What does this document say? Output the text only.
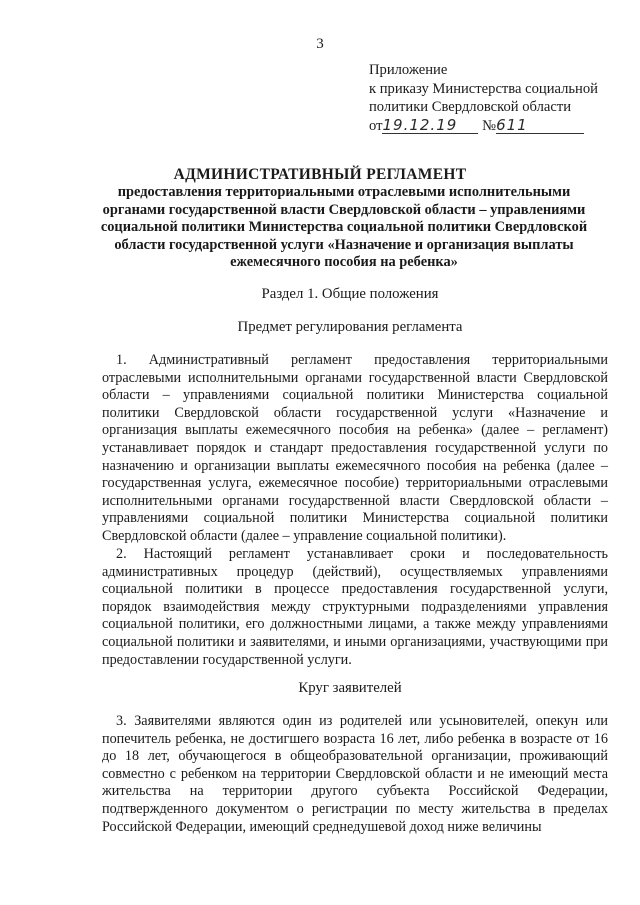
3
Приложение
к приказу Министерства социальной
политики Свердловской области
от19.12.19 №611
АДМИНИСТРАТИВНЫЙ РЕГЛАМЕНТ
предоставления территориальными отраслевыми исполнительными
органами государственной власти Свердловской области – управлениями
социальной политики Министерства социальной политики Свердловской
области государственной услуги «Назначение и организация выплаты
ежемесячного пособия на ребенка»
Раздел 1. Общие положения
Предмет регулирования регламента
1. Административный регламент предоставления территориальными отраслевыми исполнительными органами государственной власти Свердловской области – управлениями социальной политики Министерства социальной политики Свердловской области государственной услуги «Назначение и организация выплаты ежемесячного пособия на ребенка» (далее – регламент) устанавливает порядок и стандарт предоставления государственной услуги по назначению и организации выплаты ежемесячного пособия на ребенка (далее – государственная услуга, ежемесячное пособие) территориальными отраслевыми исполнительными органами государственной власти Свердловской области – управлениями социальной политики Министерства социальной политики Свердловской области (далее – управление социальной политики).
2. Настоящий регламент устанавливает сроки и последовательность административных процедур (действий), осуществляемых управлениями социальной политики в процессе предоставления государственной услуги, порядок взаимодействия между структурными подразделениями управления социальной политики, его должностными лицами, а также между управлениями социальной политики и заявителями, и иными организациями, участвующими при предоставлении государственной услуги.
Круг заявителей
3. Заявителями являются один из родителей или усыновителей, опекун или попечитель ребенка, не достигшего возраста 16 лет, либо ребенка в возрасте от 16 до 18 лет, обучающегося в общеобразовательной организации, проживающий совместно с ребенком на территории Свердловской области и не имеющий места жительства на территории другого субъекта Российской Федерации, подтвержденного документом о регистрации по месту жительства в пределах Российской Федерации, имеющий среднедушевой доход ниже величины
